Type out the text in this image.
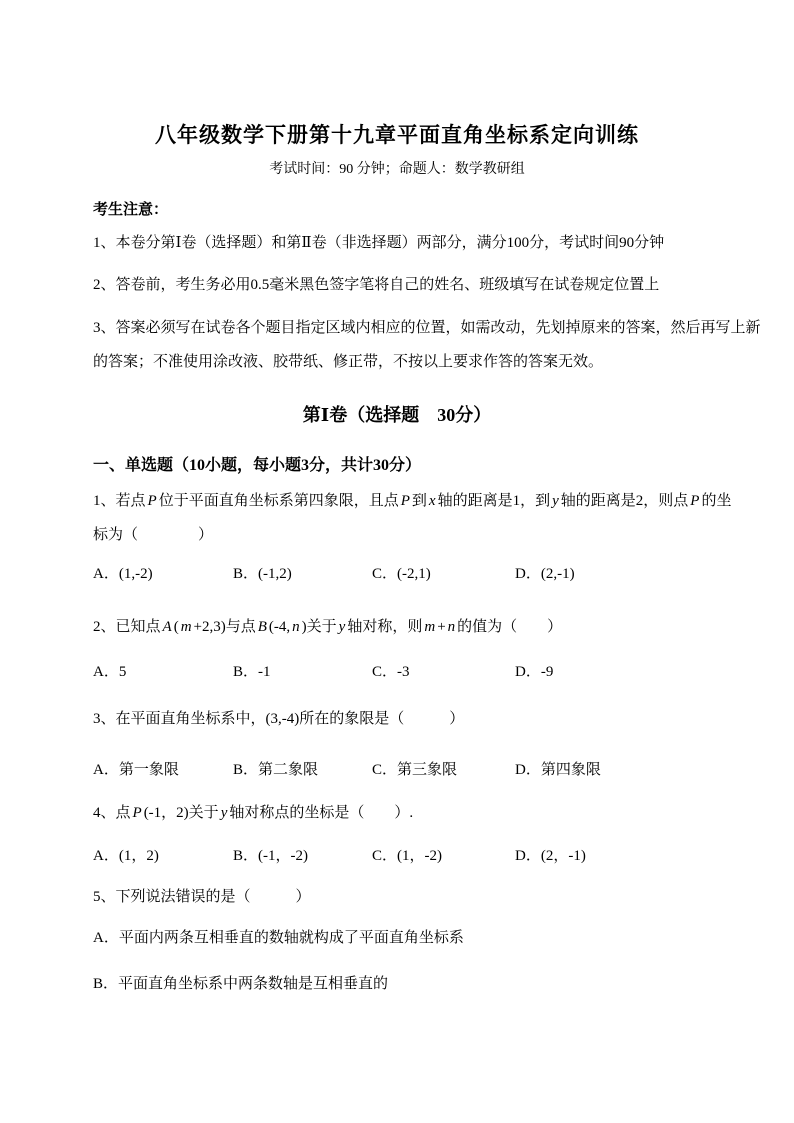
八年级数学下册第十九章平面直角坐标系定向训练
考试时间：90 分钟；命题人：数学教研组
考生注意：
1、本卷分第Ⅰ卷（选择题）和第Ⅱ卷（非选择题）两部分，满分100分，考试时间90分钟
2、答卷前，考生务必用0.5毫米黑色签字笔将自己的姓名、班级填写在试卷规定位置上
3、答案必须写在试卷各个题目指定区域内相应的位置，如需改动，先划掉原来的答案，然后再写上新
的答案；不准使用涂改液、胶带纸、修正带，不按以上要求作答的答案无效。
第Ⅰ卷（选择题　30分）
一、单选题（10小题，每小题3分，共计30分）
1、若点 P 位于平面直角坐标系第四象限，且点 P 到 x 轴的距离是1，到 y 轴的距离是2，则点 P 的坐
标为（　　　　）
A．(1,-2)	B．(-1,2)	C．(-2,1)	D．(2,-1)
2、已知点 A ( m +2,3)与点 B (-4, n )关于 y 轴对称，则 m + n 的值为（　　）
A．5	B．-1	C．-3	D．-9
3、在平面直角坐标系中，(3,-4)所在的象限是（　　　）
A．第一象限	B．第二象限	C．第三象限	D．第四象限
4、点 P (-1，2)关于 y 轴对称点的坐标是（　　）.
A．(1，2)	B．(-1，-2)	C．(1，-2)	D．(2，-1)
5、下列说法错误的是（　　　）
A．平面内两条互相垂直的数轴就构成了平面直角坐标系
B．平面直角坐标系中两条数轴是互相垂直的
